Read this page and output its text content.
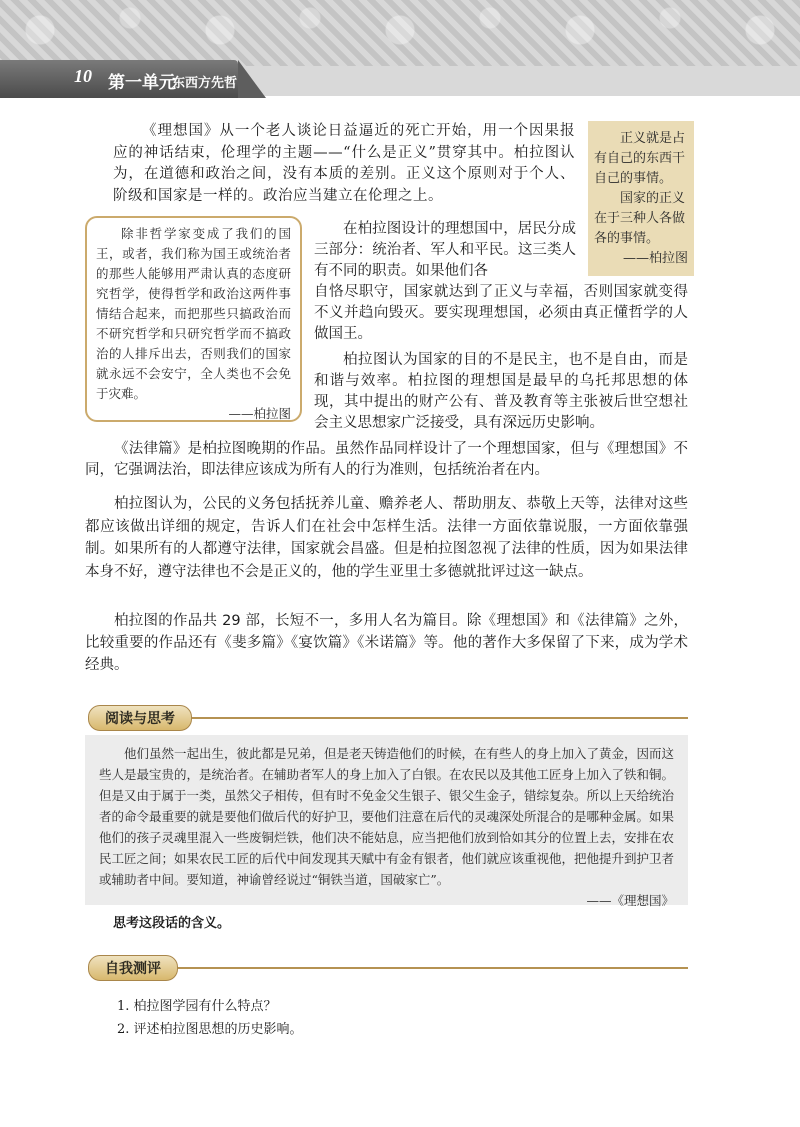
10 第一单元
东西方先哲
正义就是占有自己的东西干自己的事情。
国家的正义在于三种人各做各的事情。
——柏拉图

《理想国》从一个老人谈论日益逼近的死亡开始，用一个因果报应的神话结束，伦理学的主题——“什么是正义”贯穿其中。柏拉图认为，在道德和政治之间，没有本质的差别。正义这个原则对于个人、阶级和国家是一样的。政治应当建立在伦理之上。

除非哲学家变成了我们的国王，或者，我们称为国王或统治者的那些人能够用严肃认真的态度研究哲学，使得哲学和政治这两件事情结合起来，而把那些只搞政治而不研究哲学和只研究哲学而不搞政治的人排斥出去，否则我们的国家就永远不会安宁，全人类也不会免于灾难。
——柏拉图

在柏拉图设计的理想国中，居民分成三部分：统治者、军人和平民。这三类人有不同的职责。如果他们各

自恪尽职守，国家就达到了正义与幸福，否则国家就变得不义并趋向毁灭。要实现理想国，必须由真正懂哲学的人做国王。

柏拉图认为国家的目的不是民主，也不是自由，而是和谐与效率。柏拉图的理想国是最早的乌托邦思想的体现，其中提出的财产公有、普及教育等主张被后世空想社会主义思想家广泛接受，具有深远历史影响。

《法律篇》是柏拉图晚期的作品。虽然作品同样设计了一个理想国家，但与《理想国》不同，它强调法治，即法律应该成为所有人的行为准则，包括统治者在内。

柏拉图认为，公民的义务包括抚养儿童、赡养老人、帮助朋友、恭敬上天等，法律对这些都应该做出详细的规定，告诉人们在社会中怎样生活。法律一方面依靠说服，一方面依靠强制。如果所有的人都遵守法律，国家就会昌盛。但是柏拉图忽视了法律的性质，因为如果法律本身不好，遵守法律也不会是正义的，他的学生亚里士多德就批评过这一缺点。

柏拉图的作品共 29 部，长短不一，多用人名为篇目。除《理想国》和《法律篇》之外，比较重要的作品还有《斐多篇》《宴饮篇》《米诺篇》等。他的著作大多保留了下来，成为学术经典。

阅读与思考
他们虽然一起出生，彼此都是兄弟，但是老天铸造他们的时候，在有些人的身上加入了黄金，因而这些人是最宝贵的，是统治者。在辅助者军人的身上加入了白银。在农民以及其他工匠身上加入了铁和铜。但是又由于属于一类，虽然父子相传，但有时不免金父生银子、银父生金子，错综复杂。所以上天给统治者的命令最重要的就是要他们做后代的好护卫，要他们注意在后代的灵魂深处所混合的是哪种金属。如果他们的孩子灵魂里混入一些废铜烂铁，他们决不能姑息，应当把他们放到恰如其分的位置上去，安排在农民工匠之间；如果农民工匠的后代中间发现其天赋中有金有银者，他们就应该重视他，把他提升到护卫者或辅助者中间。要知道，神谕曾经说过“铜铁当道，国破家亡”。
——《理想国》
思考这段话的含义。
自我测评
1. 柏拉图学园有什么特点？
2. 评述柏拉图思想的历史影响。
